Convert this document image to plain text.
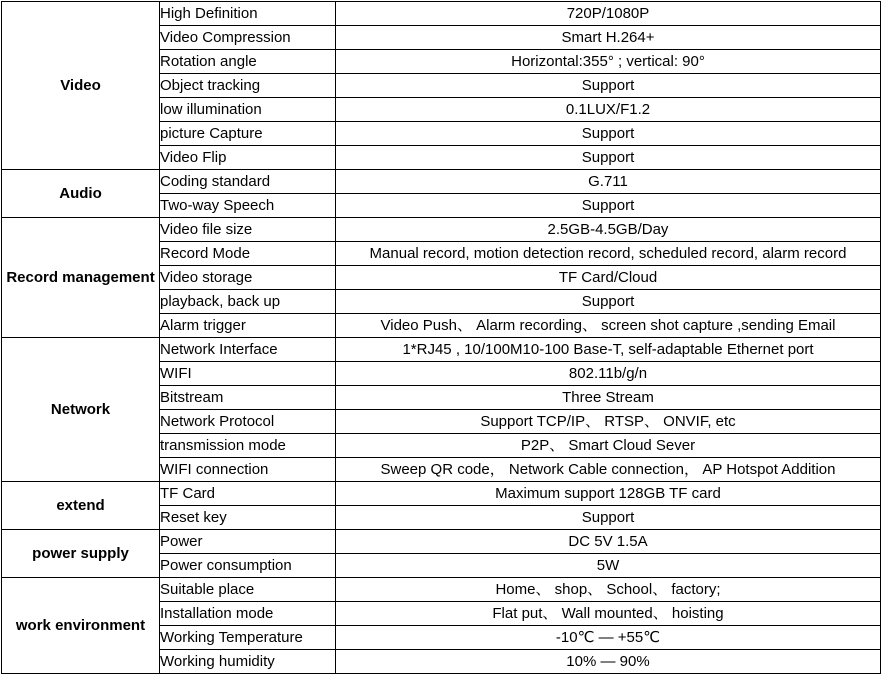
Video	High Definition	720P/1080P
	Video Compression	Smart H.264+
	Rotation angle	Horizontal:355° ; vertical: 90°
	Object tracking	Support
	low illumination	0.1LUX/F1.2
	picture Capture	Support
	Video Flip	Support
Audio	Coding standard	G.711
	Two-way Speech	Support
Record management	Video file size	2.5GB-4.5GB/Day
	Record Mode	Manual record, motion detection record, scheduled record, alarm record
	Video storage	TF Card/Cloud
	playback, back up	Support
	Alarm trigger	Video Push、 Alarm recording、 screen shot capture ,sending Email
Network	Network Interface	1*RJ45 , 10/100M10-100 Base-T, self-adaptable Ethernet port
	WIFI	802.11b/g/n
	Bitstream	Three Stream
	Network Protocol	Support TCP/IP、 RTSP、 ONVIF, etc
	transmission mode	P2P、 Smart Cloud Sever
	WIFI connection	Sweep QR code， Network Cable connection， AP Hotspot Addition
extend	TF Card	Maximum support 128GB TF card
	Reset key	Support
power supply	Power	DC 5V 1.5A
	Power consumption	5W
work environment	Suitable place	Home、 shop、 School、 factory;
	Installation mode	Flat put、 Wall mounted、 hoisting
	Working Temperature	-10℃ — +55℃
	Working humidity	10% — 90%
